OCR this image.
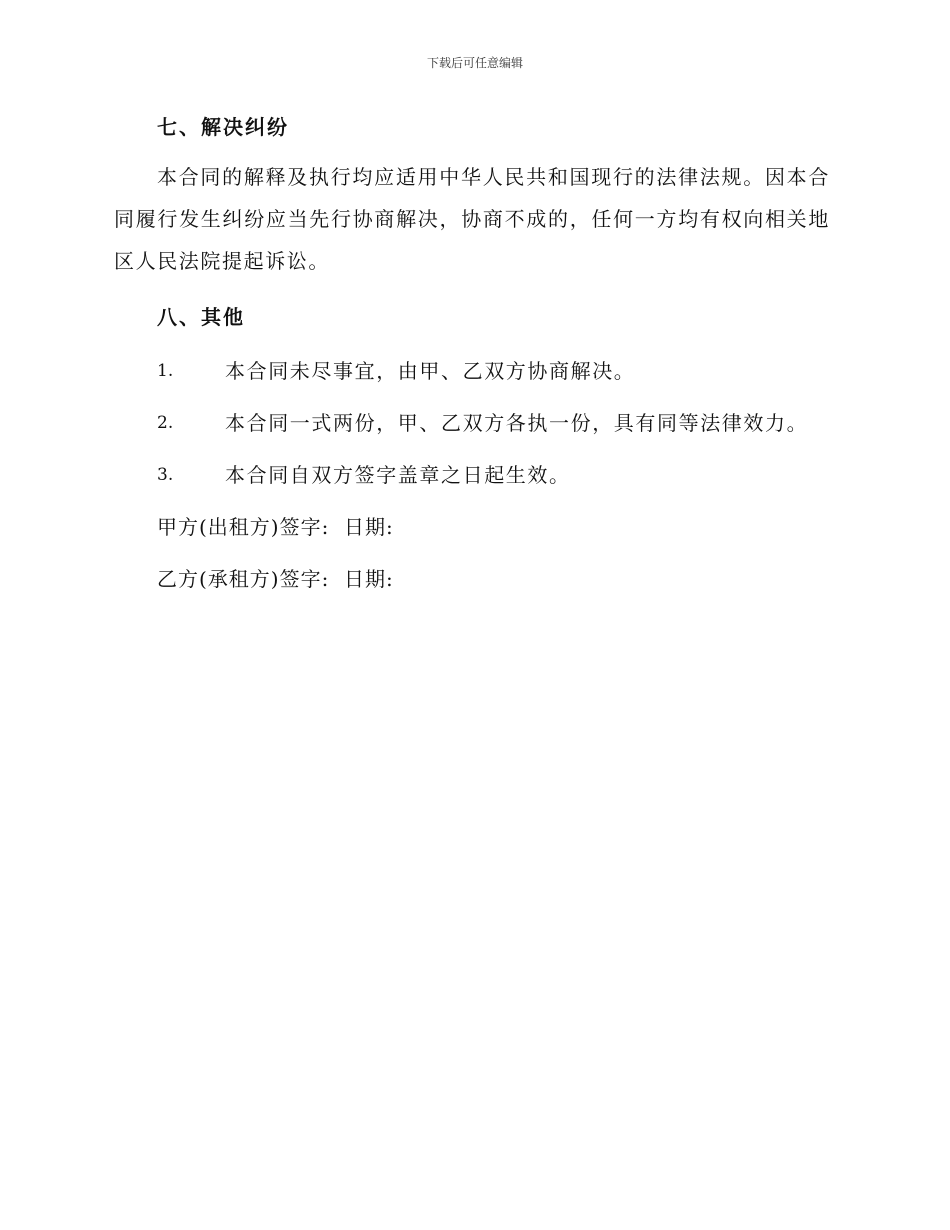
下载后可任意编辑
七、解决纠纷
本合同的解释及执行均应适用中华人民共和国现行的法律法规。因本合同履行发生纠纷应当先行协商解决，协商不成的，任何一方均有权向相关地区人民法院提起诉讼。
八、其他
1.	本合同未尽事宜，由甲、乙双方协商解决。
2.	本合同一式两份，甲、乙双方各执一份，具有同等法律效力。
3.	本合同自双方签字盖章之日起生效。
甲方(出租方)签字:  日期:
乙方(承租方)签字:  日期:
